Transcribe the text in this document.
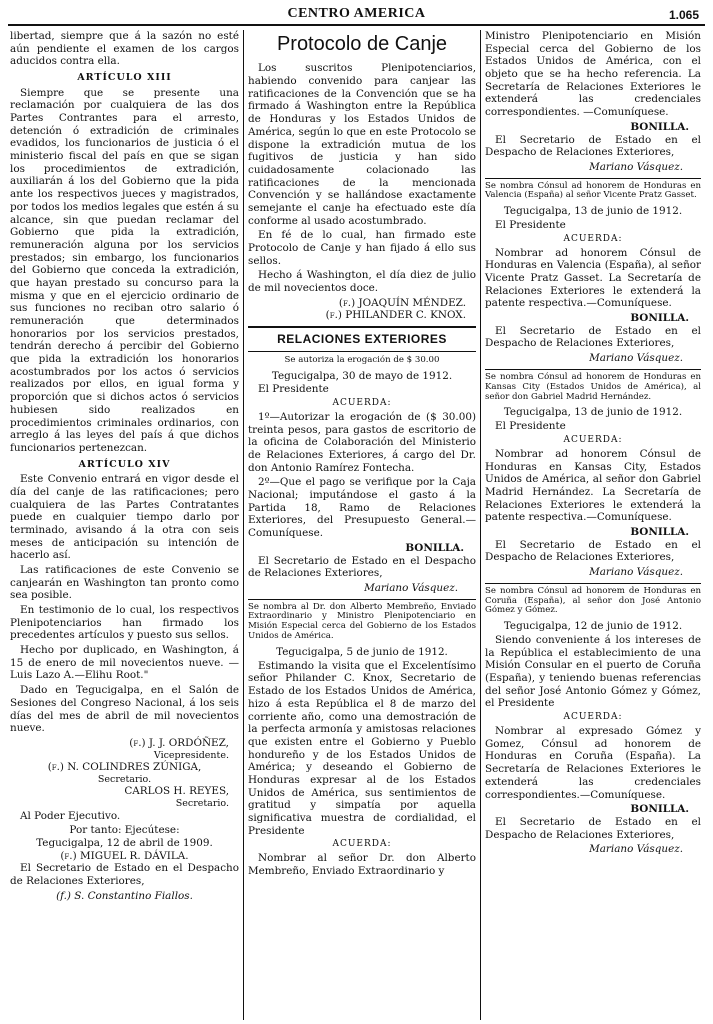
CENTRO AMERICA	1.065

libertad, siempre que á la sazón no esté aún pendiente el examen de los cargos aducidos contra ella.

ARTÍCULO XIII

Siempre que se presente una reclamación por cualquiera de las dos Partes Contrantes para el arresto, detención ó extradición de criminales evadidos, los funcionarios de justicia ó el ministerio fiscal del país en que se sigan los procedimientos de extradición, auxiliarán á los del Gobierno que la pida ante los respectivos jueces y magistrados, por todos los medios legales que estén á su alcance, sin que puedan reclamar del Gobierno que pida la extradición, remuneración alguna por los servicios prestados; sin embargo, los funcionarios del Gobierno que conceda la extradición, que hayan prestado su concurso para la misma y que en el ejercicio ordinario de sus funciones no reciban otro salario ó remuneración que determinados honorarios por los servicios prestados, tendrán derecho á percibir del Gobierno que pida la extradición los honorarios acostumbrados por los actos ó servicios realizados por ellos, en igual forma y proporción que si dichos actos ó servicios hubiesen sido realizados en procedimientos criminales ordinarios, con arreglo á las leyes del país á que dichos funcionarios pertenezcan.

ARTÍCULO XIV

Este Convenio entrará en vigor desde el día del canje de las ratificaciones; pero cualquiera de las Partes Contratantes puede en cualquier tiempo darlo por terminado, avisando á la otra con seis meses de anticipación su intención de hacerlo así.

Las ratificaciones de este Convenio se canjearán en Washington tan pronto como sea posible.

En testimonio de lo cual, los respectivos Plenipotenciarios han firmado los precedentes artículos y puesto sus sellos.

Hecho por duplicado, en Washington, á 15 de enero de mil novecientos nueve. —Luis Lazo A.—Elihu Root."

Dado en Tegucigalpa, en el Salón de Sesiones del Congreso Nacional, á los seis días del mes de abril de mil novecientos nueve.

(f.) J. J. ORDÓÑEZ,
Vicepresidente.
(f.) N. COLINDRES ZÚNIGA,
Secretario.
CARLOS H. REYES,
Secretario.

Al Poder Ejecutivo.

Por tanto: Ejecútese:
Tegucigalpa, 12 de abril de 1909.
(f.) MIGUEL R. DÁVILA.

El Secretario de Estado en el Despacho de Relaciones Exteriores,

(f.) S. Constantino Fiallos.
Protocolo de Canje

Los suscritos Plenipotenciarios, habiendo convenido para canjear las ratificaciones de la Convención que se ha firmado á Washington entre la República de Honduras y los Estados Unidos de América, según lo que en este Protocolo se dispone la extradición mutua de los fugitivos de justicia y han sido cuidadosamente colacionado las ratificaciones de la mencionada Convención y se hallándose exactamente semejante el canje ha efectuado este día conforme al usado acostumbrado.

En fé de lo cual, han firmado este Protocolo de Canje y han fijado á ello sus sellos.

Hecho á Washington, el día diez de julio de mil novecientos doce.

(f.) JOAQUÍN MÉNDEZ.
(f.) PHILANDER C. KNOX.
RELACIONES EXTERIORES
Se autoriza la erogación de $ 30.00
Tegucigalpa, 30 de mayo de 1912.

El Presidente

ACUERDA:

1º—Autorizar la erogación de ($ 30.00) treinta pesos, para gastos de escritorio de la oficina de Colaboración del Ministerio de Relaciones Exteriores, á cargo del Dr. don Antonio Ramírez Fontecha.

2º—Que el pago se verifique por la Caja Nacional; imputándose el gasto á la Partida 18, Ramo de Relaciones Exteriores, del Presupuesto General.—Comuníquese.

BONILLA.

El Secretario de Estado en el Despacho de Relaciones Exteriores,

Mariano Vásquez.
Se nombra al Dr. don Alberto Membreño, Enviado Extraordinario y Ministro Plenipotenciario en Misión Especial cerca del Gobierno de los Estados Unidos de América.
Tegucigalpa, 5 de junio de 1912.

Estimando la visita que el Excelentísimo señor Philander C. Knox, Secretario de Estado de los Estados Unidos de América, hizo á esta República el 8 de marzo del corriente año, como una demostración de la perfecta armonía y amistosas relaciones que existen entre el Gobierno y Pueblo hondureño y de los Estados Unidos de América; y deseando el Gobierno de Honduras expresar al de los Estados Unidos de América, sus sentimientos de gratitud y simpatía por aquella significativa muestra de cordialidad, el Presidente

ACUERDA:

Nombrar al señor Dr. don Alberto Membreño, Enviado Extraordinario y

Ministro Plenipotenciario en Misión Especial cerca del Gobierno de los Estados Unidos de América, con el objeto que se ha hecho referencia. La Secretaría de Relaciones Exteriores le extenderá las credenciales correspondientes. —Comuníquese.

BONILLA.

El Secretario de Estado en el Despacho de Relaciones Exteriores,

Mariano Vásquez.
Se nombra Cónsul ad honorem de Honduras en Valencia (España) al señor Vicente Pratz Gasset.
Tegucigalpa, 13 de junio de 1912.

El Presidente

ACUERDA:

Nombrar ad honorem Cónsul de Honduras en Valencia (España), al señor Vicente Pratz Gasset. La Secretaría de Relaciones Exteriores le extenderá la patente respectiva.—Comuníquese.

BONILLA.

El Secretario de Estado en el Despacho de Relaciones Exteriores,

Mariano Vásquez.
Se nombra Cónsul ad honorem de Honduras en Kansas City (Estados Unidos de América), al señor don Gabriel Madrid Hernández.
Tegucigalpa, 13 de junio de 1912.

El Presidente

ACUERDA:

Nombrar ad honorem Cónsul de Honduras en Kansas City, Estados Unidos de América, al señor don Gabriel Madrid Hernández. La Secretaría de Relaciones Exteriores le extenderá la patente respectiva.—Comuníquese.

BONILLA.

El Secretario de Estado en el Despacho de Relaciones Exteriores,

Mariano Vásquez.
Se nombra Cónsul ad honorem de Honduras en Coruña (España), al señor don José Antonio Gómez y Gómez.
Tegucigalpa, 12 de junio de 1912.

Siendo conveniente á los intereses de la República el establecimiento de una Misión Consular en el puerto de Coruña (España), y teniendo buenas referencias del señor José Antonio Gómez y Gómez, el Presidente

ACUERDA:

Nombrar al expresado Gómez y Gomez, Cónsul ad honorem de Honduras en Coruña (España). La Secretaría de Relaciones Exteriores le extenderá las credenciales correspondientes.—Comuníquese.

BONILLA.

El Secretario de Estado en el Despacho de Relaciones Exteriores,

Mariano Vásquez.
